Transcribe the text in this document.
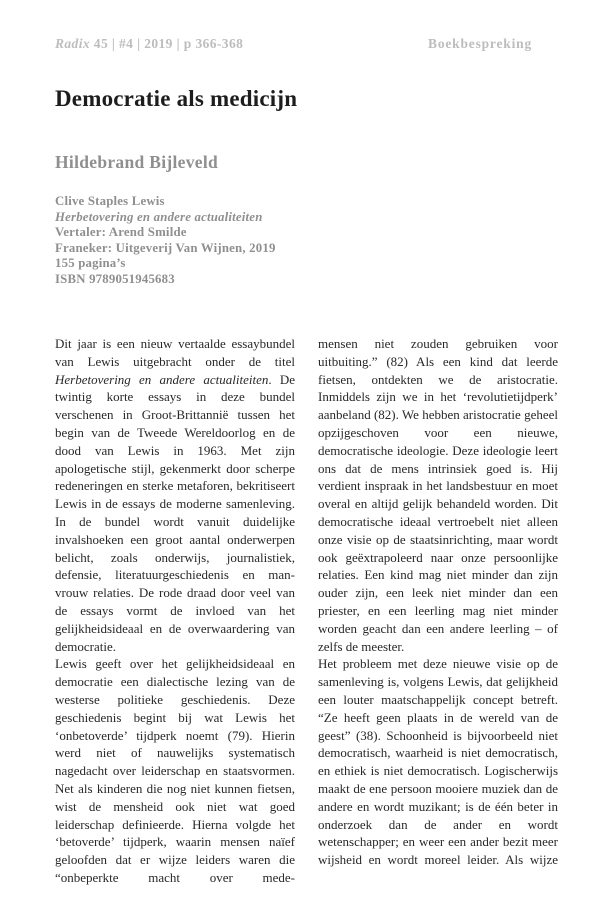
Radix 45 | #4 | 2019 | p 366-368	Boekbespreking
Democratie als medicijn
Hildebrand Bijleveld
Clive Staples Lewis
Herbetovering en andere actualiteiten
Vertaler: Arend Smilde
Franeker: Uitgeverij Van Wijnen, 2019
155 pagina’s
ISBN 9789051945683

Dit jaar is een nieuw vertaalde essaybundel van Lewis uitgebracht onder de titel Herbetovering en andere actualiteiten. De twintig korte essays in deze bundel verschenen in Groot-Brittannië tussen het begin van de Tweede Wereldoorlog en de dood van Lewis in 1963. Met zijn apologetische stijl, gekenmerkt door scherpe redeneringen en sterke metaforen, bekritiseert Lewis in de essays de moderne samenleving. In de bundel wordt vanuit duidelijke invalshoeken een groot aantal onderwerpen belicht, zoals onderwijs, journalistiek, defensie, literatuurgeschiedenis en man-vrouw relaties. De rode draad door veel van de essays vormt de invloed van het gelijkheidsideaal en de overwaardering van democratie.

Lewis geeft over het gelijkheidsideaal en democratie een dialectische lezing van de westerse politieke geschiedenis. Deze geschiedenis begint bij wat Lewis het ‘onbetoverde’ tijdperk noemt (79). Hierin werd niet of nauwelijks systematisch nagedacht over leiderschap en staatsvormen. Net als kinderen die nog niet kunnen fietsen, wist de mensheid ook niet wat goed leiderschap definieerde. Hierna volgde het ‘betoverde’ tijdperk, waarin mensen naïef geloofden dat er wijze leiders waren die “onbeperkte macht over mede-

mensen niet zouden gebruiken voor uitbuiting.” (82) Als een kind dat leerde fietsen, ontdekten we de aristocratie. Inmiddels zijn we in het ‘revolutietijdperk’ aanbeland (82). We hebben aristocratie geheel opzijgeschoven voor een nieuwe, democratische ideologie. Deze ideologie leert ons dat de mens intrinsiek goed is. Hij verdient inspraak in het landsbestuur en moet overal en altijd gelijk behandeld worden. Dit democratische ideaal vertroebelt niet alleen onze visie op de staatsinrichting, maar wordt ook geëxtrapoleerd naar onze persoonlijke relaties. Een kind mag niet minder dan zijn ouder zijn, een leek niet minder dan een priester, en een leerling mag niet minder worden geacht dan een andere leerling – of zelfs de meester.

Het probleem met deze nieuwe visie op de samenleving is, volgens Lewis, dat gelijkheid een louter maatschappelijk concept betreft. “Ze heeft geen plaats in de wereld van de geest” (38). Schoonheid is bijvoorbeeld niet democratisch, waarheid is niet democratisch, en ethiek is niet democratisch. Logischerwijs maakt de ene persoon mooiere muziek dan de andere en wordt muzikant; is de één beter in onderzoek dan de ander en wordt wetenschapper; en weer een ander bezit meer wijsheid en wordt moreel leider. Als wijze
